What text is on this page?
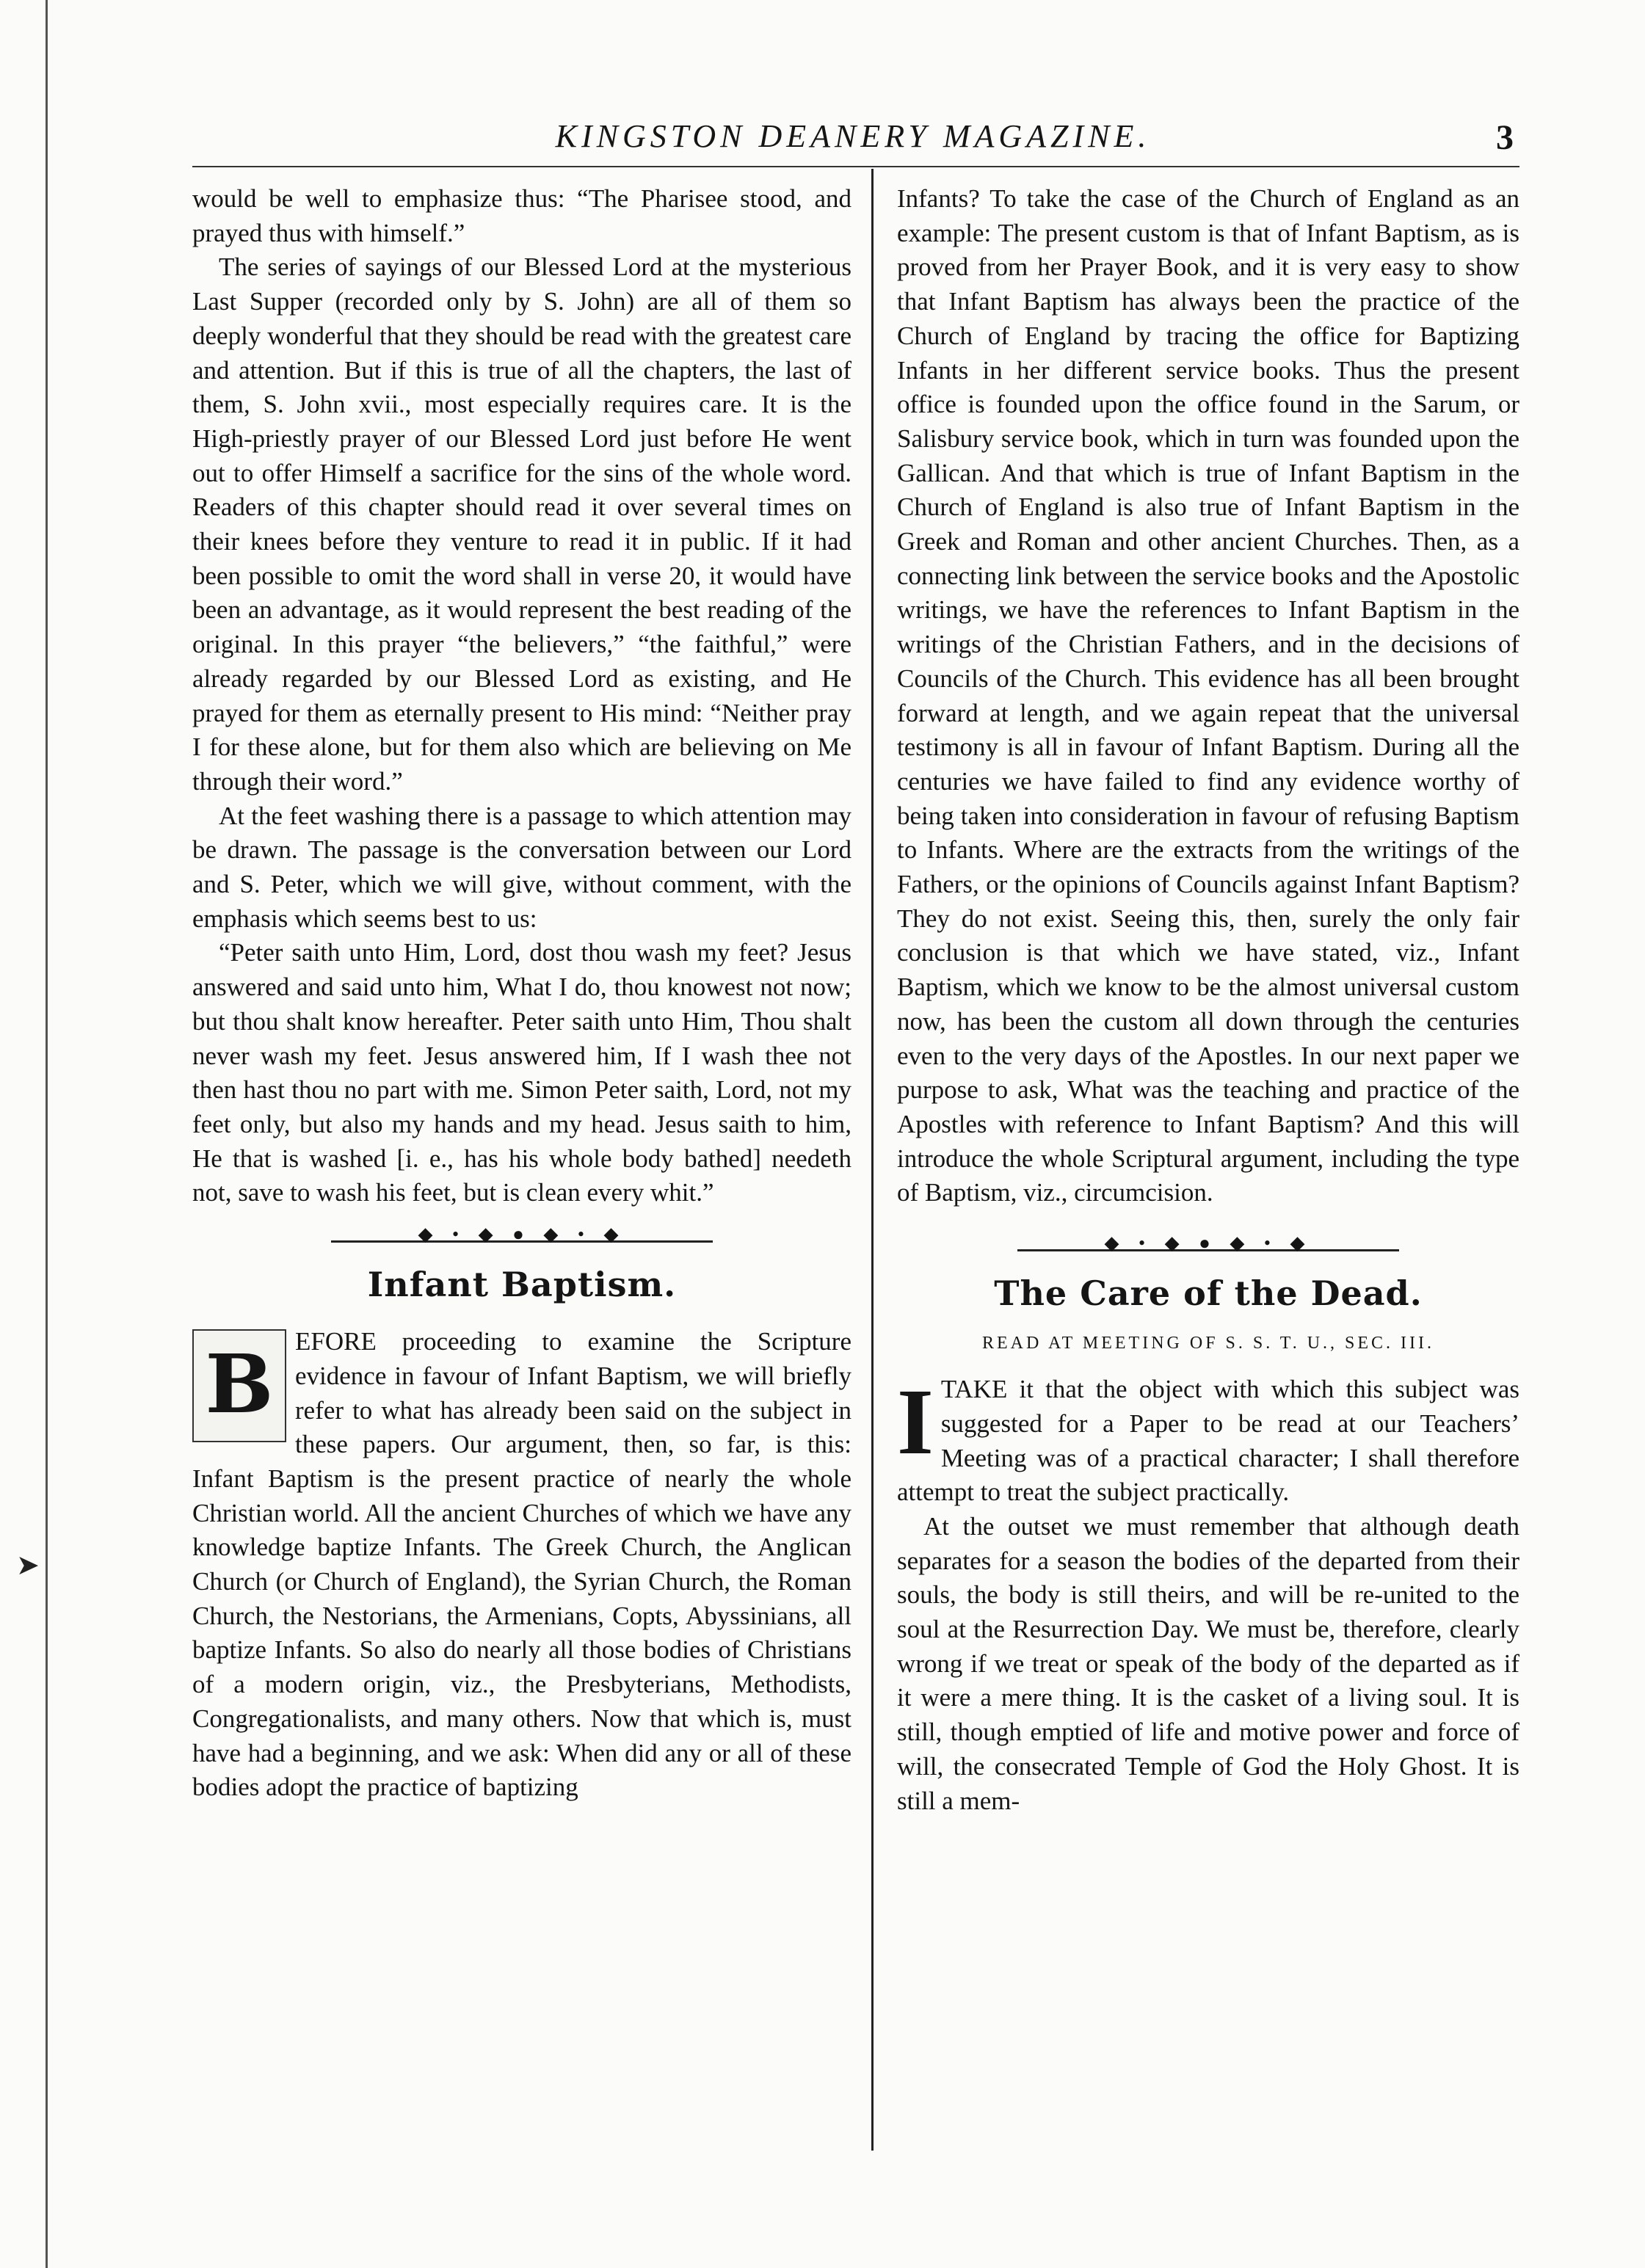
➤
KINGSTON DEANERY MAGAZINE.	3

would be well to emphasize thus: “The Pharisee stood, and prayed thus with himself.”

The series of sayings of our Blessed Lord at the mysterious Last Supper (recorded only by S. John) are all of them so deeply wonderful that they should be read with the greatest care and attention. But if this is true of all the chapters, the last of them, S. John xvii., most especially requires care. It is the High-priestly prayer of our Blessed Lord just before He went out to offer Himself a sacrifice for the sins of the whole word. Readers of this chapter should read it over several times on their knees before they venture to read it in public. If it had been possible to omit the word shall in verse 20, it would have been an advantage, as it would represent the best reading of the original. In this prayer “the believers,” “the faithful,” were already regarded by our Blessed Lord as existing, and He prayed for them as eternally present to His mind: “Neither pray I for these alone, but for them also which are believing on Me through their word.”

At the feet washing there is a passage to which attention may be drawn. The passage is the conversation between our Lord and S. Peter, which we will give, without comment, with the emphasis which seems best to us:

“Peter saith unto Him, Lord, dost thou wash my feet? Jesus answered and said unto him, What I do, thou knowest not now; but thou shalt know hereafter. Peter saith unto Him, Thou shalt never wash my feet. Jesus answered him, If I wash thee not then hast thou no part with me. Simon Peter saith, Lord, not my feet only, but also my hands and my head. Jesus saith to him, He that is washed [i. e., has his whole body bathed] needeth not, save to wash his feet, but is clean every whit.”

◆ • ◆ ● ◆ • ◆
Infant Baptism.
B EFORE proceeding to examine the Scripture evidence in favour of Infant Baptism, we will briefly refer to what has already been said on the subject in these papers. Our argument, then, so far, is this: Infant Baptism is the present practice of nearly the whole Christian world. All the ancient Churches of which we have any knowledge baptize Infants. The Greek Church, the Anglican Church (or Church of England), the Syrian Church, the Roman Church, the Nestorians, the Armenians, Copts, Abyssinians, all baptize Infants. So also do nearly all those bodies of Christians of a modern origin, viz., the Presbyterians, Methodists, Congregationalists, and many others. Now that which is, must have had a beginning, and we ask: When did any or all of these bodies adopt the practice of baptizing

Infants? To take the case of the Church of England as an example: The present custom is that of Infant Baptism, as is proved from her Prayer Book, and it is very easy to show that Infant Baptism has always been the practice of the Church of England by tracing the office for Baptizing Infants in her different service books. Thus the present office is founded upon the office found in the Sarum, or Salisbury service book, which in turn was founded upon the Gallican. And that which is true of Infant Baptism in the Church of England is also true of Infant Baptism in the Greek and Roman and other ancient Churches. Then, as a connecting link between the service books and the Apostolic writings, we have the references to Infant Baptism in the writings of the Christian Fathers, and in the decisions of Councils of the Church. This evidence has all been brought forward at length, and we again repeat that the universal testimony is all in favour of Infant Baptism. During all the centuries we have failed to find any evidence worthy of being taken into consideration in favour of refusing Baptism to Infants. Where are the extracts from the writings of the Fathers, or the opinions of Councils against Infant Baptism? They do not exist. Seeing this, then, surely the only fair conclusion is that which we have stated, viz., Infant Baptism, which we know to be the almost universal custom now, has been the custom all down through the centuries even to the very days of the Apostles. In our next paper we purpose to ask, What was the teaching and practice of the Apostles with reference to Infant Baptism? And this will introduce the whole Scriptural argument, including the type of Baptism, viz., circumcision.

◆ • ◆ ● ◆ • ◆
The Care of the Dead.
READ AT MEETING OF S. S. T. U., SEC. III.
I TAKE it that the object with which this subject was suggested for a Paper to be read at our Teachers’ Meeting was of a practical character; I shall therefore attempt to treat the subject practically.

At the outset we must remember that although death separates for a season the bodies of the departed from their souls, the body is still theirs, and will be re-united to the soul at the Resurrection Day. We must be, therefore, clearly wrong if we treat or speak of the body of the departed as if it were a mere thing. It is the casket of a living soul. It is still, though emptied of life and motive power and force of will, the consecrated Temple of God the Holy Ghost. It is still a mem-
